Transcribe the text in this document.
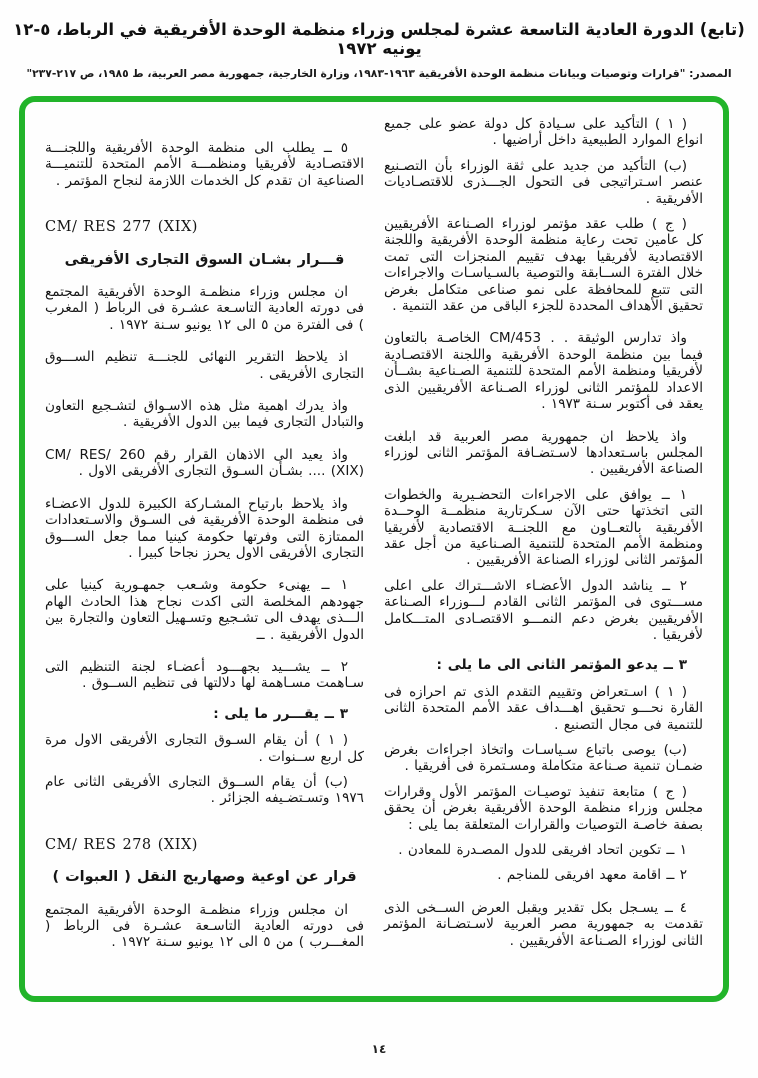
(تابع) الدورة العادية التاسعة عشرة لمجلس وزراء منظمة الوحدة الأفريقية في الرباط، ٥-١٢ يونيه ١٩٧٢
المصدر: "قرارات وتوصيات وبيانات منظمة الوحدة الأفريقية ١٩٦٣-١٩٨٣، وزارة الخارجية، جمهورية مصر العربية، ط ١٩٨٥، ص ٢١٧-٢٣٧"

( ١ ) التأكيد على سـيادة كل دولة عضو على جميع انواع الموارد الطبيعية داخل أراضيها .

(ب) التأكيد من جديد على ثقة الوزراء بأن التصـنيع عنصر اسـتراتيجى فى التحول الجـــذرى للاقتصـاديات الأفريقية .

( ج ) طلب عقد مؤتمر لوزراء الصـناعة الأفريقيين كل عامين تحت رعاية منظمة الوحدة الأفريقية واللجنة الاقتصادية لأفريقيا بهدف تقييم المنجزات التى تمت خلال الفترة الســابقة والتوصية بالسـياسـات والاجراءات التى تتبع للمحافظة على نمو صناعى متكامل بغرض تحقيق الأهداف المحددة للجزء الباقى من عقد التنمية .

واذ تدارس الوثيقة . . CM/453 الخاصـة بالتعاون فيما بين منظمة الوحدة الأفريقية واللجنة الاقتصـادية لأفريقيا ومنظمة الأمم المتحدة للتنمية الصـناعية بشــأن الاعداد للمؤتمر الثانى لوزراء الصـناعة الأفريقيين الذى يعقد فى أكتوبر سـنة ١٩٧٣ .

واذ يلاحظ ان جمهورية مصر العربية قد ابلغت المجلس باسـتعدادها لاسـتضـافة المؤتمر الثانى لوزراء الصناعة الأفريقيين .

١ ــ يوافق على الاجراءات التحضـيرية والخطوات التى اتخذتها حتى الآن سـكرتارية منظمــة الوحــدة الأفريقية بالتعــاون مع اللجنــة الاقتصادية لأفريقيا ومنظمة الأمم المتحدة للتنمية الصـناعية من أجل عقد المؤتمر الثانى لوزراء الصناعة الأفريقيين .

٢ ــ يناشد الدول الأعضـاء الاشـــتراك على اعلى مســـتوى فى المؤتمر الثانى القادم لـــوزراء الصـناعة الأفريقيين بغرض دعم النمـــو الاقتصـادى المتـــكامل لأفريقيا .

٣ ــ يدعو المؤتمر الثانى الى ما يلى :

( ١ ) اسـتعراض وتقييم التقدم الذى تم احرازه فى القارة نحـــو تحقيق اهـــداف عقد الأمم المتحدة الثانى للتنمية فى مجال التصنيع .

(ب) يوصى باتباع سـياسـات واتخاذ اجراءات بغرض ضمـان تنمية صـناعة متكاملة ومسـتمرة فى أفريقيا .

( ج ) متابعة تنفيذ توصيـات المؤتمر الأول وقرارات مجلس وزراء منظمة الوحدة الأفريقية بغرض أن يحقق بصفة خاصـة التوصيات والقرارات المتعلقة بما يلى :

١ ــ تكوين اتحاد افريقى للدول المصـدرة للمعادن .

٢ ــ اقامة معهد افريقى للمناجم .

٤ ــ يسـجل بكل تقدير ويقبل العرض الســخى الذى تقدمت به جمهورية مصر العربية لاسـتضـانة المؤتمر الثانى لوزراء الصـناعة الأفريقيين .

٥ ــ يطلب الى منظمة الوحدة الأفريقية واللجنـــة الاقتصـادية لأفريقيا ومنظمـــة الأمم المتحدة للتنميـــة الصناعية ان تقدم كل الخدمات اللازمة لنجاح المؤتمر .

CM/ RES 277 (XIX)

قـــرار بشـان السوق التجارى الأفريقى

ان مجلس وزراء منظمـة الوحدة الأفريقية المجتمع فى دورته العادية التاسـعة عشـرة فى الرباط ( المغرب ) فى الفترة من ٥ الى ١٢ يونيو سـنة ١٩٧٢ .

اذ يلاحظ التقرير النهائى للجنـــة تنظيم الســـوق التجارى الأفريقى .

واذ يدرك اهمية مثل هذه الاسـواق لتشـجيع التعاون والتبادل التجارى فيما بين الدول الأفريقية .

واذ يعيد الى الاذهان القرار رقم CM/ RES/ 260 (XIX) .... بشـأن السـوق التجارى الأفريقى الاول .

واذ يلاحظ بارتياح المشـاركة الكبيرة للدول الاعضـاء فى منظمة الوحدة الأفريقية فى السـوق والاسـتعدادات الممتازة التى وفرتها حكومة كينيا مما جعل الســـوق التجارى الأفريقى الاول يحرز نجاحا كبيرا .

١ ــ يهنىء حكومة وشـعب جمهـورية كينيا على جهودهم المخلصة التى اكدت نجاح هذا الحادث الهام الـــذى يهدف الى تشـجيع وتسـهيل التعاون والتجارة بين الدول الأفريقية . ــ

٢ ــ يشـــيد بجهـــود أعضـاء لجنة التنظيم التى سـاهمت مسـاهمة لها دلالتها فى تنظيم الســوق .

٣ ــ يقـــرر ما يلى :

( ١ ) أن يقام السـوق التجارى الأفريقى الاول مرة كل اربع ســنوات .

(ب) أن يقام الســوق التجارى الأفريقى الثانى عام ١٩٧٦ وتسـتضـيفه الجزائر .

CM/ RES 278 (XIX)

قرار عن اوعية وصهاريج النقل ( العبوات )

ان مجلس وزراء منظمـة الوحدة الأفريقية المجتمع فى دورته العادية التاسـعة عشـرة فى الرباط ( المغـــرب ) من ٥ الى ١٢ يونيو سـنة ١٩٧٢ .

١٤
